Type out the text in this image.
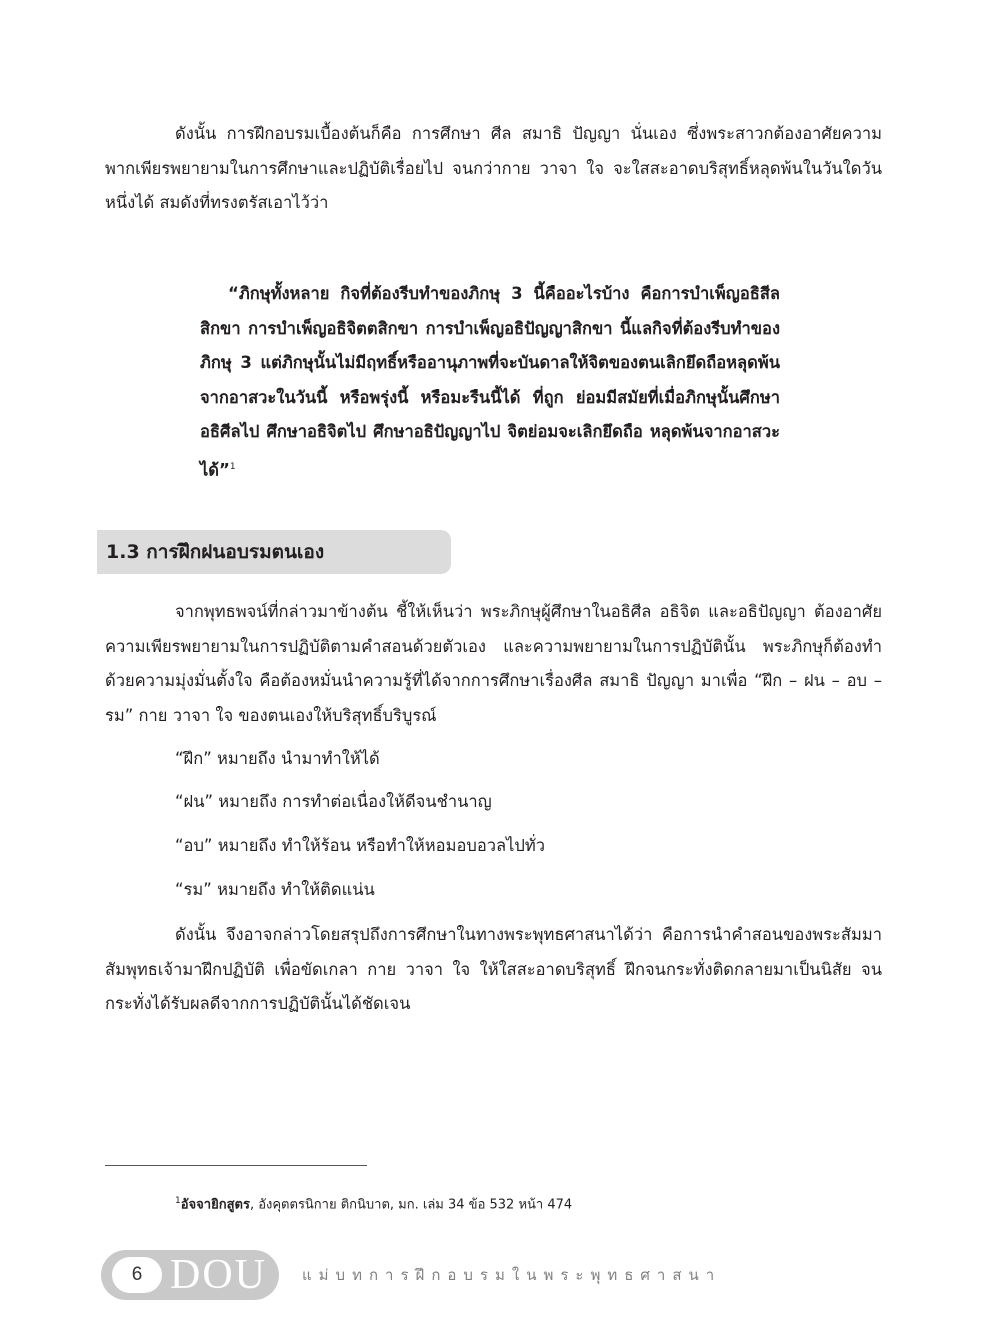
ดังนั้น การฝึกอบรมเบื้องต้นก็คือ การศึกษา ศีล สมาธิ ปัญญา นั่นเอง ซึ่งพระสาวกต้องอาศัยความพากเพียรพยายามในการศึกษาและปฏิบัติเรื่อยไป จนกว่ากาย วาจา ใจ จะใสสะอาดบริสุทธิ์หลุดพ้นในวันใดวันหนึ่งได้ สมดังที่ทรงตรัสเอาไว้ว่า

“ภิกษุทั้งหลาย กิจที่ต้องรีบทำของภิกษุ 3 นี้คืออะไรบ้าง คือการบำเพ็ญอธิสีลสิกขา การบำเพ็ญอธิจิตตสิกขา การบำเพ็ญอธิปัญญาสิกขา นี้แลกิจที่ต้องรีบทำของภิกษุ 3 แต่ภิกษุนั้นไม่มีฤทธิ์หรืออานุภาพที่จะบันดาลให้จิตของตนเลิกยึดถือหลุดพ้นจากอาสวะในวันนี้ หรือพรุ่งนี้ หรือมะรืนนี้ได้ ที่ถูก ย่อมมีสมัยที่เมื่อภิกษุนั้นศึกษาอธิศีลไป ศึกษาอธิจิตไป ศึกษาอธิปัญญาไป จิตย่อมจะเลิกยึดถือ หลุดพ้นจากอาสวะได้”$^1$

1.3 การฝึกฝนอบรมตนเอง

จากพุทธพจน์ที่กล่าวมาข้างต้น ชี้ให้เห็นว่า พระภิกษุผู้ศึกษาในอธิศีล อธิจิต และอธิปัญญา ต้องอาศัยความเพียรพยายามในการปฏิบัติตามคำสอนด้วยตัวเอง และความพยายามในการปฏิบัตินั้น พระภิกษุก็ต้องทำด้วยความมุ่งมั่นตั้งใจ คือต้องหมั่นนำความรู้ที่ได้จากการศึกษาเรื่องศีล สมาธิ ปัญญา มาเพื่อ “ฝึก – ฝน – อบ – รม” กาย วาจา ใจ ของตนเองให้บริสุทธิ์บริบูรณ์

“ฝึก” หมายถึง นำมาทำให้ได้

“ฝน” หมายถึง การทำต่อเนื่องให้ดีจนชำนาญ

“อบ” หมายถึง ทำให้ร้อน หรือทำให้หอมอบอวลไปทั่ว

“รม” หมายถึง ทำให้ติดแน่น

ดังนั้น จึงอาจกล่าวโดยสรุปถึงการศึกษาในทางพระพุทธศาสนาได้ว่า คือการนำคำสอนของพระสัมมาสัมพุทธเจ้ามาฝึกปฏิบัติ เพื่อขัดเกลา กาย วาจา ใจ ให้ใสสะอาดบริสุทธิ์ ฝึกจนกระทั่งติดกลายมาเป็นนิสัย จนกระทั่งได้รับผลดีจากการปฏิบัตินั้นได้ชัดเจน

$^1$อัจจายิกสูตร, อังคุตตรนิกาย ติกนิบาต, มก. เล่ม 34 ข้อ 532 หน้า 474

6 DOU แม่บทการฝึกอบรมในพระพุทธศาสนา
